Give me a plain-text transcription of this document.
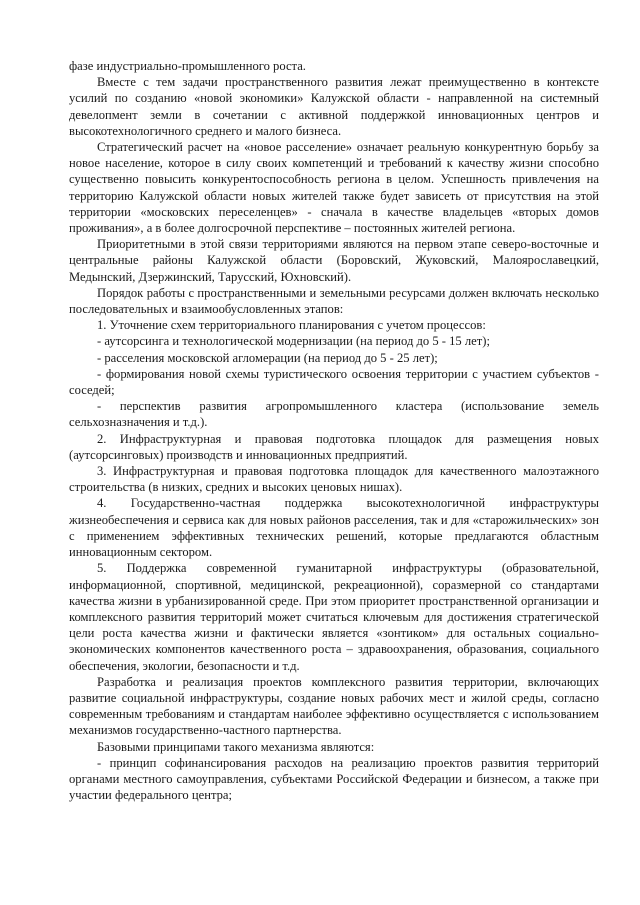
фазе индустриально-промышленного роста.

Вместе с тем задачи пространственного развития лежат преимущественно в контексте усилий по созданию «новой экономики» Калужской области - направленной на системный девелопмент земли в сочетании с активной поддержкой инновационных центров и высокотехнологичного среднего и малого бизнеса.

Стратегический расчет на «новое расселение» означает реальную конкурентную борьбу за новое население, которое в силу своих компетенций и требований к качеству жизни способно существенно повысить конкурентоспособность региона в целом. Успешность привлечения на территорию Калужской области новых жителей также будет зависеть от присутствия на этой территории «московских переселенцев» - сначала в качестве владельцев «вторых домов проживания», а в более долгосрочной перспективе – постоянных жителей региона.

Приоритетными в этой связи территориями являются на первом этапе северо-восточные и центральные районы Калужской области (Боровский, Жуковский, Малоярославецкий, Медынский, Дзержинский, Тарусский, Юхновский).

Порядок работы с пространственными и земельными ресурсами должен включать несколько последовательных и взаимообусловленных этапов:

1. Уточнение схем территориального планирования с учетом процессов:

- аутсорсинга и технологической модернизации (на период до 5 - 15 лет);

- расселения московской агломерации (на период до 5 - 25 лет);

- формирования новой схемы туристического освоения территории с участием субъектов - соседей;

- перспектив развития агропромышленного кластера (использование земель сельхозназначения и т.д.).

2. Инфраструктурная и правовая подготовка площадок для размещения новых (аутсорсинговых) производств и инновационных предприятий.

3. Инфраструктурная и правовая подготовка площадок для качественного малоэтажного строительства (в низких, средних и высоких ценовых нишах).

4. Государственно-частная поддержка высокотехнологичной инфраструктуры жизнеобеспечения и сервиса как для новых районов расселения, так и для «старожильческих» зон с применением эффективных технических решений, которые предлагаются областным инновационным сектором.

5. Поддержка современной гуманитарной инфраструктуры (образовательной, информационной, спортивной, медицинской, рекреационной), соразмерной со стандартами качества жизни в урбанизированной среде. При этом приоритет пространственной организации и комплексного развития территорий может считаться ключевым для достижения стратегической цели роста качества жизни и фактически является «зонтиком» для остальных социально-экономических компонентов качественного роста – здравоохранения, образования, социального обеспечения, экологии, безопасности и т.д.

Разработка и реализация проектов комплексного развития территории, включающих развитие социальной инфраструктуры, создание новых рабочих мест и жилой среды, согласно современным требованиям и стандартам наиболее эффективно осуществляется с использованием механизмов государственно-частного партнерства.

Базовыми принципами такого механизма являются:

- принцип софинансирования расходов на реализацию проектов развития территорий органами местного самоуправления, субъектами Российской Федерации и бизнесом, а также при участии федерального центра;
